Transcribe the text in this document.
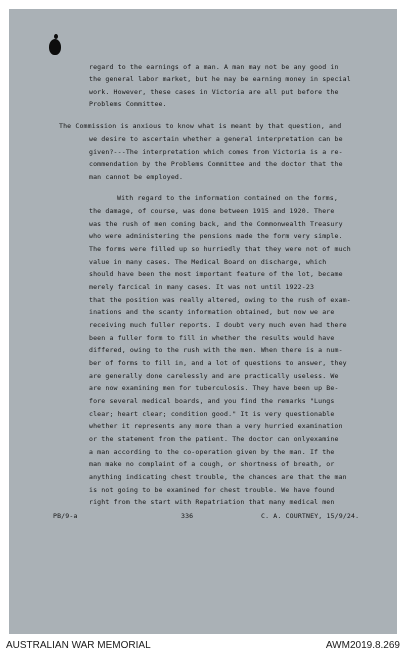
regard to the earnings of a man. A man may not be any good in
the general labor market, but he may be earning money in special
work. However, these cases in Victoria are all put before the
Problems Committee.
The Commission is anxious to know what is meant by that question, and
we desire to ascertain whether a general interpretation can be
given?---The interpretation which comes from Victoria is a re-
commendation by the Problems Committee and the doctor that the
man cannot be employed.
With regard to the information contained on the forms,
the damage, of course, was done between 1915 and 1920. There
was the rush of men coming back, and the Commonwealth Treasury
who were administering the pensions made the form very simple.
The forms were filled up so hurriedly that they were not of much
value in many cases. The Medical Board on discharge, which
should have been the most important feature of the lot, became
merely farcical in many cases. It was not until 1922-23
that the position was really altered, owing to the rush of exam-
inations and the scanty information obtained, but now we are
receiving much fuller reports. I doubt very much even had there
been a fuller form to fill in whether the results would have
differed, owing to the rush with the men. When there is a num-
ber of forms to fill in, and a lot of questions to answer, they
are generally done carelessly and are practically useless. We
are now examining men for tuberculosis. They have been up Be-
fore several medical boards, and you find the remarks "Lungs
clear; heart clear; condition good." It is very questionable
whether it represents any more than a very hurried examination
or the statement from the patient. The doctor can onlyexamine
a man according to the co-operation given by the man. If the
man make no complaint of a cough, or shortness of breath, or
anything indicating chest trouble, the chances are that the man
is not going to be examined for chest trouble. We have found
right from the start with Repatriation that many medical men
PB/9-a	336	C. A. COURTNEY, 15/9/24.
AUSTRALIAN WAR MEMORIAL	AWM2019.8.269
